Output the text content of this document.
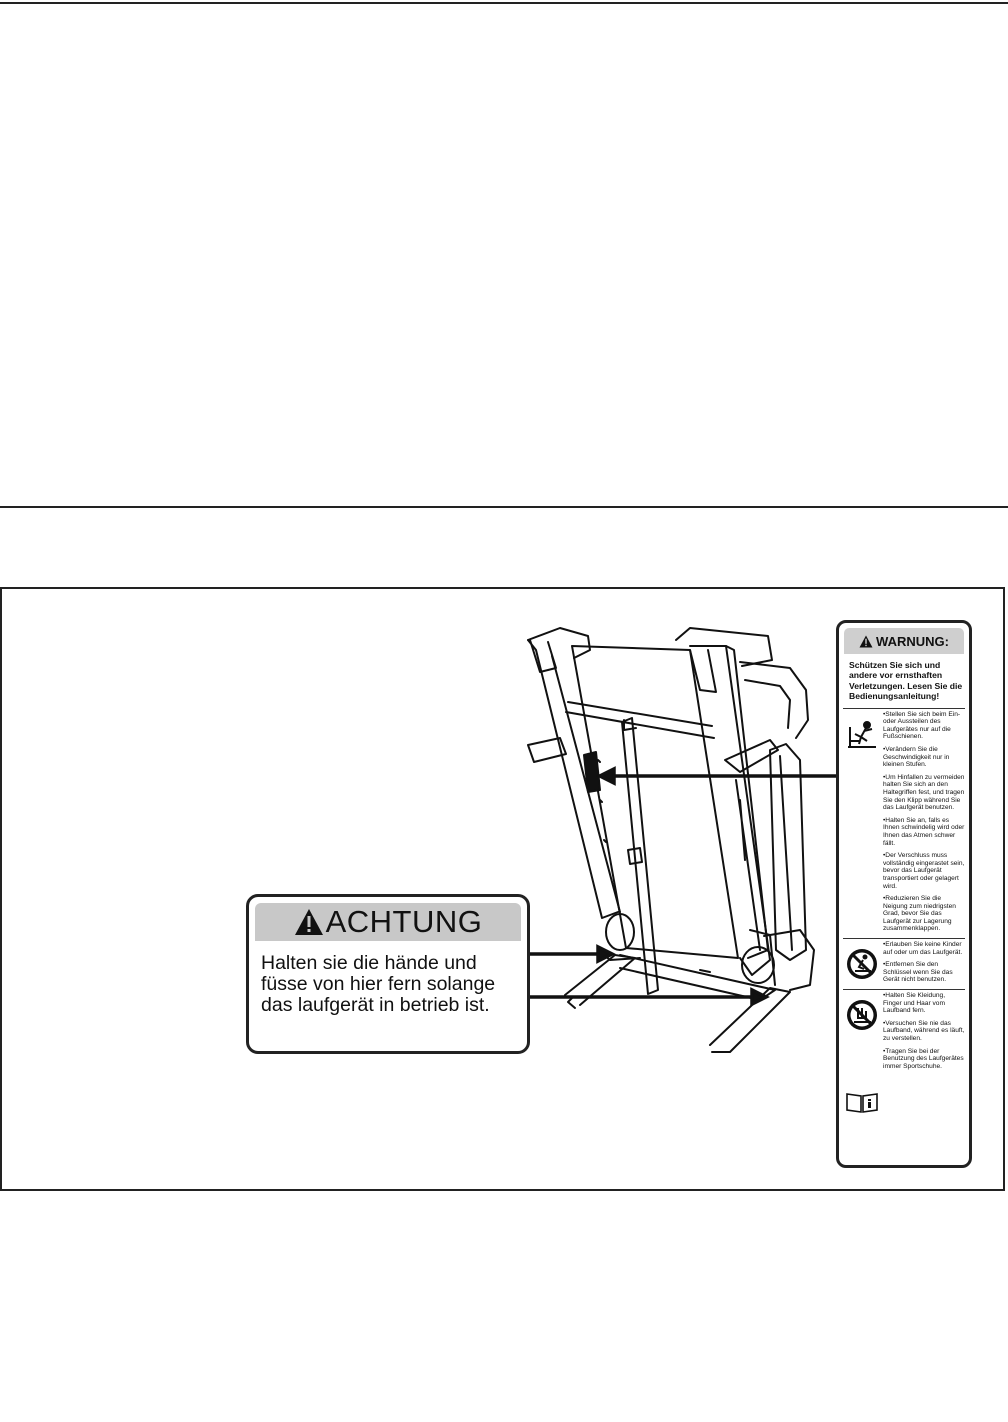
ACHTUNG
Halten sie die hände und
füsse von hier fern solange
das laufgerät in betrieb ist.
WARNUNG:
Schützen Sie sich und andere vor ernsthaften Verletzungen. Lesen Sie die Bedienungsanleitung!
•Stellen Sie sich beim Ein- oder Aussteilen des Laufgerätes nur auf die Fußschienen.
•Verändern Sie die Geschwindigkeit nur in kleinen Stufen.
•Um Hinfallen zu vermeiden halten Sie sich an den Haltegriffen fest, und tragen Sie den Klipp während Sie das Laufgerät benutzen.
•Halten Sie an, falls es Ihnen schwindelig wird oder Ihnen das Atmen schwer fällt.
•Der Verschluss muss vollständig eingerastet sein, bevor das Laufgerät transportiert oder gelagert wird.
•Reduzieren Sie die Neigung zum niedrigsten Grad, bevor Sie das Laufgerät zur Lagerung zusammenklappen.
•Erlauben Sie keine Kinder auf oder um das Laufgerät.
•Entfernen Sie den Schlüssel wenn Sie das Gerät nicht benutzen.
•Halten Sie Kleidung, Finger und Haar vom Laufband fern.
•Versuchen Sie nie das Laufband, während es läuft, zu verstellen.
•Tragen Sie bei der Benutzung des Laufgerätes immer Sportschuhe.
